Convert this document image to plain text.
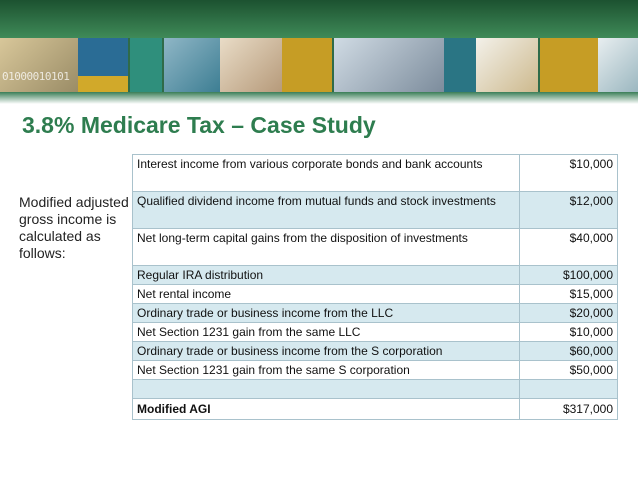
01000010101
3.8% Medicare Tax – Case Study
Modified adjusted gross income is calculated as follows:
Interest income from various corporate bonds and bank accounts	$10,000
Qualified dividend income from mutual funds and stock investments	$12,000
Net long-term capital gains from the disposition of investments	$40,000
Regular IRA distribution	$100,000
Net rental income	$15,000
Ordinary trade or business income from the LLC	$20,000
Net Section 1231 gain from the same LLC	$10,000
Ordinary trade or business income from the S corporation	$60,000
Net Section 1231 gain from the same S corporation	$50,000

Modified AGI	$317,000
